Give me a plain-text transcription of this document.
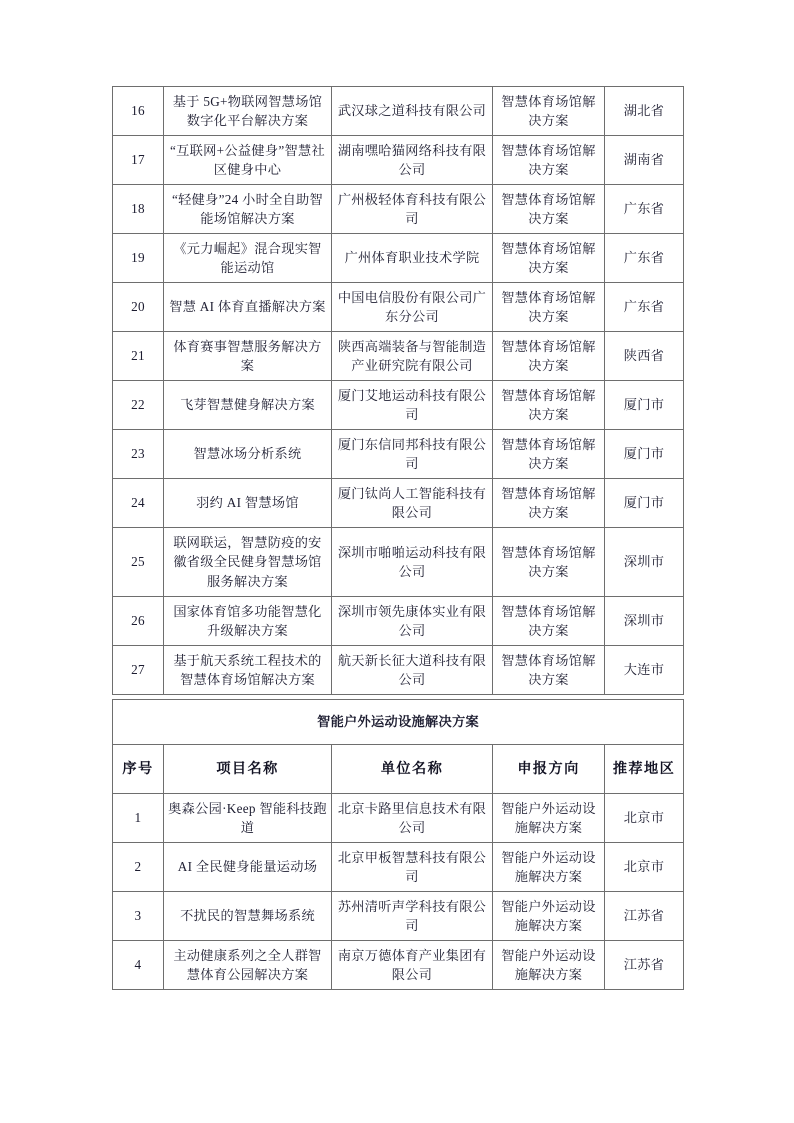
16	基于 5G+物联网智慧场馆数字化平台解决方案	武汉球之道科技有限公司	智慧体育场馆解决方案	湖北省
17	“互联网+公益健身”智慧社区健身中心	湖南嘿哈猫网络科技有限公司	智慧体育场馆解决方案	湖南省
18	“轻健身”24 小时全自助智能场馆解决方案	广州极轻体育科技有限公司	智慧体育场馆解决方案	广东省
19	《元力崛起》混合现实智能运动馆	广州体育职业技术学院	智慧体育场馆解决方案	广东省
20	智慧 AI 体育直播解决方案	中国电信股份有限公司广东分公司	智慧体育场馆解决方案	广东省
21	体育赛事智慧服务解决方案	陕西高端装备与智能制造产业研究院有限公司	智慧体育场馆解决方案	陕西省
22	飞芽智慧健身解决方案	厦门艾地运动科技有限公司	智慧体育场馆解决方案	厦门市
23	智慧冰场分析系统	厦门东信同邦科技有限公司	智慧体育场馆解决方案	厦门市
24	羽约 AI 智慧场馆	厦门钛尚人工智能科技有限公司	智慧体育场馆解决方案	厦门市
25	联网联运，智慧防疫的安徽省级全民健身智慧场馆服务解决方案	深圳市啪啪运动科技有限公司	智慧体育场馆解决方案	深圳市
26	国家体育馆多功能智慧化升级解决方案	深圳市领先康体实业有限公司	智慧体育场馆解决方案	深圳市
27	基于航天系统工程技术的智慧体育场馆解决方案	航天新长征大道科技有限公司	智慧体育场馆解决方案	大连市
智能户外运动设施解决方案				
序号	项目名称	单位名称	申报方向	推荐地区
1	奥森公园·Keep 智能科技跑道	北京卡路里信息技术有限公司	智能户外运动设施解决方案	北京市
2	AI 全民健身能量运动场	北京甲板智慧科技有限公司	智能户外运动设施解决方案	北京市
3	不扰民的智慧舞场系统	苏州清听声学科技有限公司	智能户外运动设施解决方案	江苏省
4	主动健康系列之全人群智慧体育公园解决方案	南京万德体育产业集团有限公司	智能户外运动设施解决方案	江苏省
